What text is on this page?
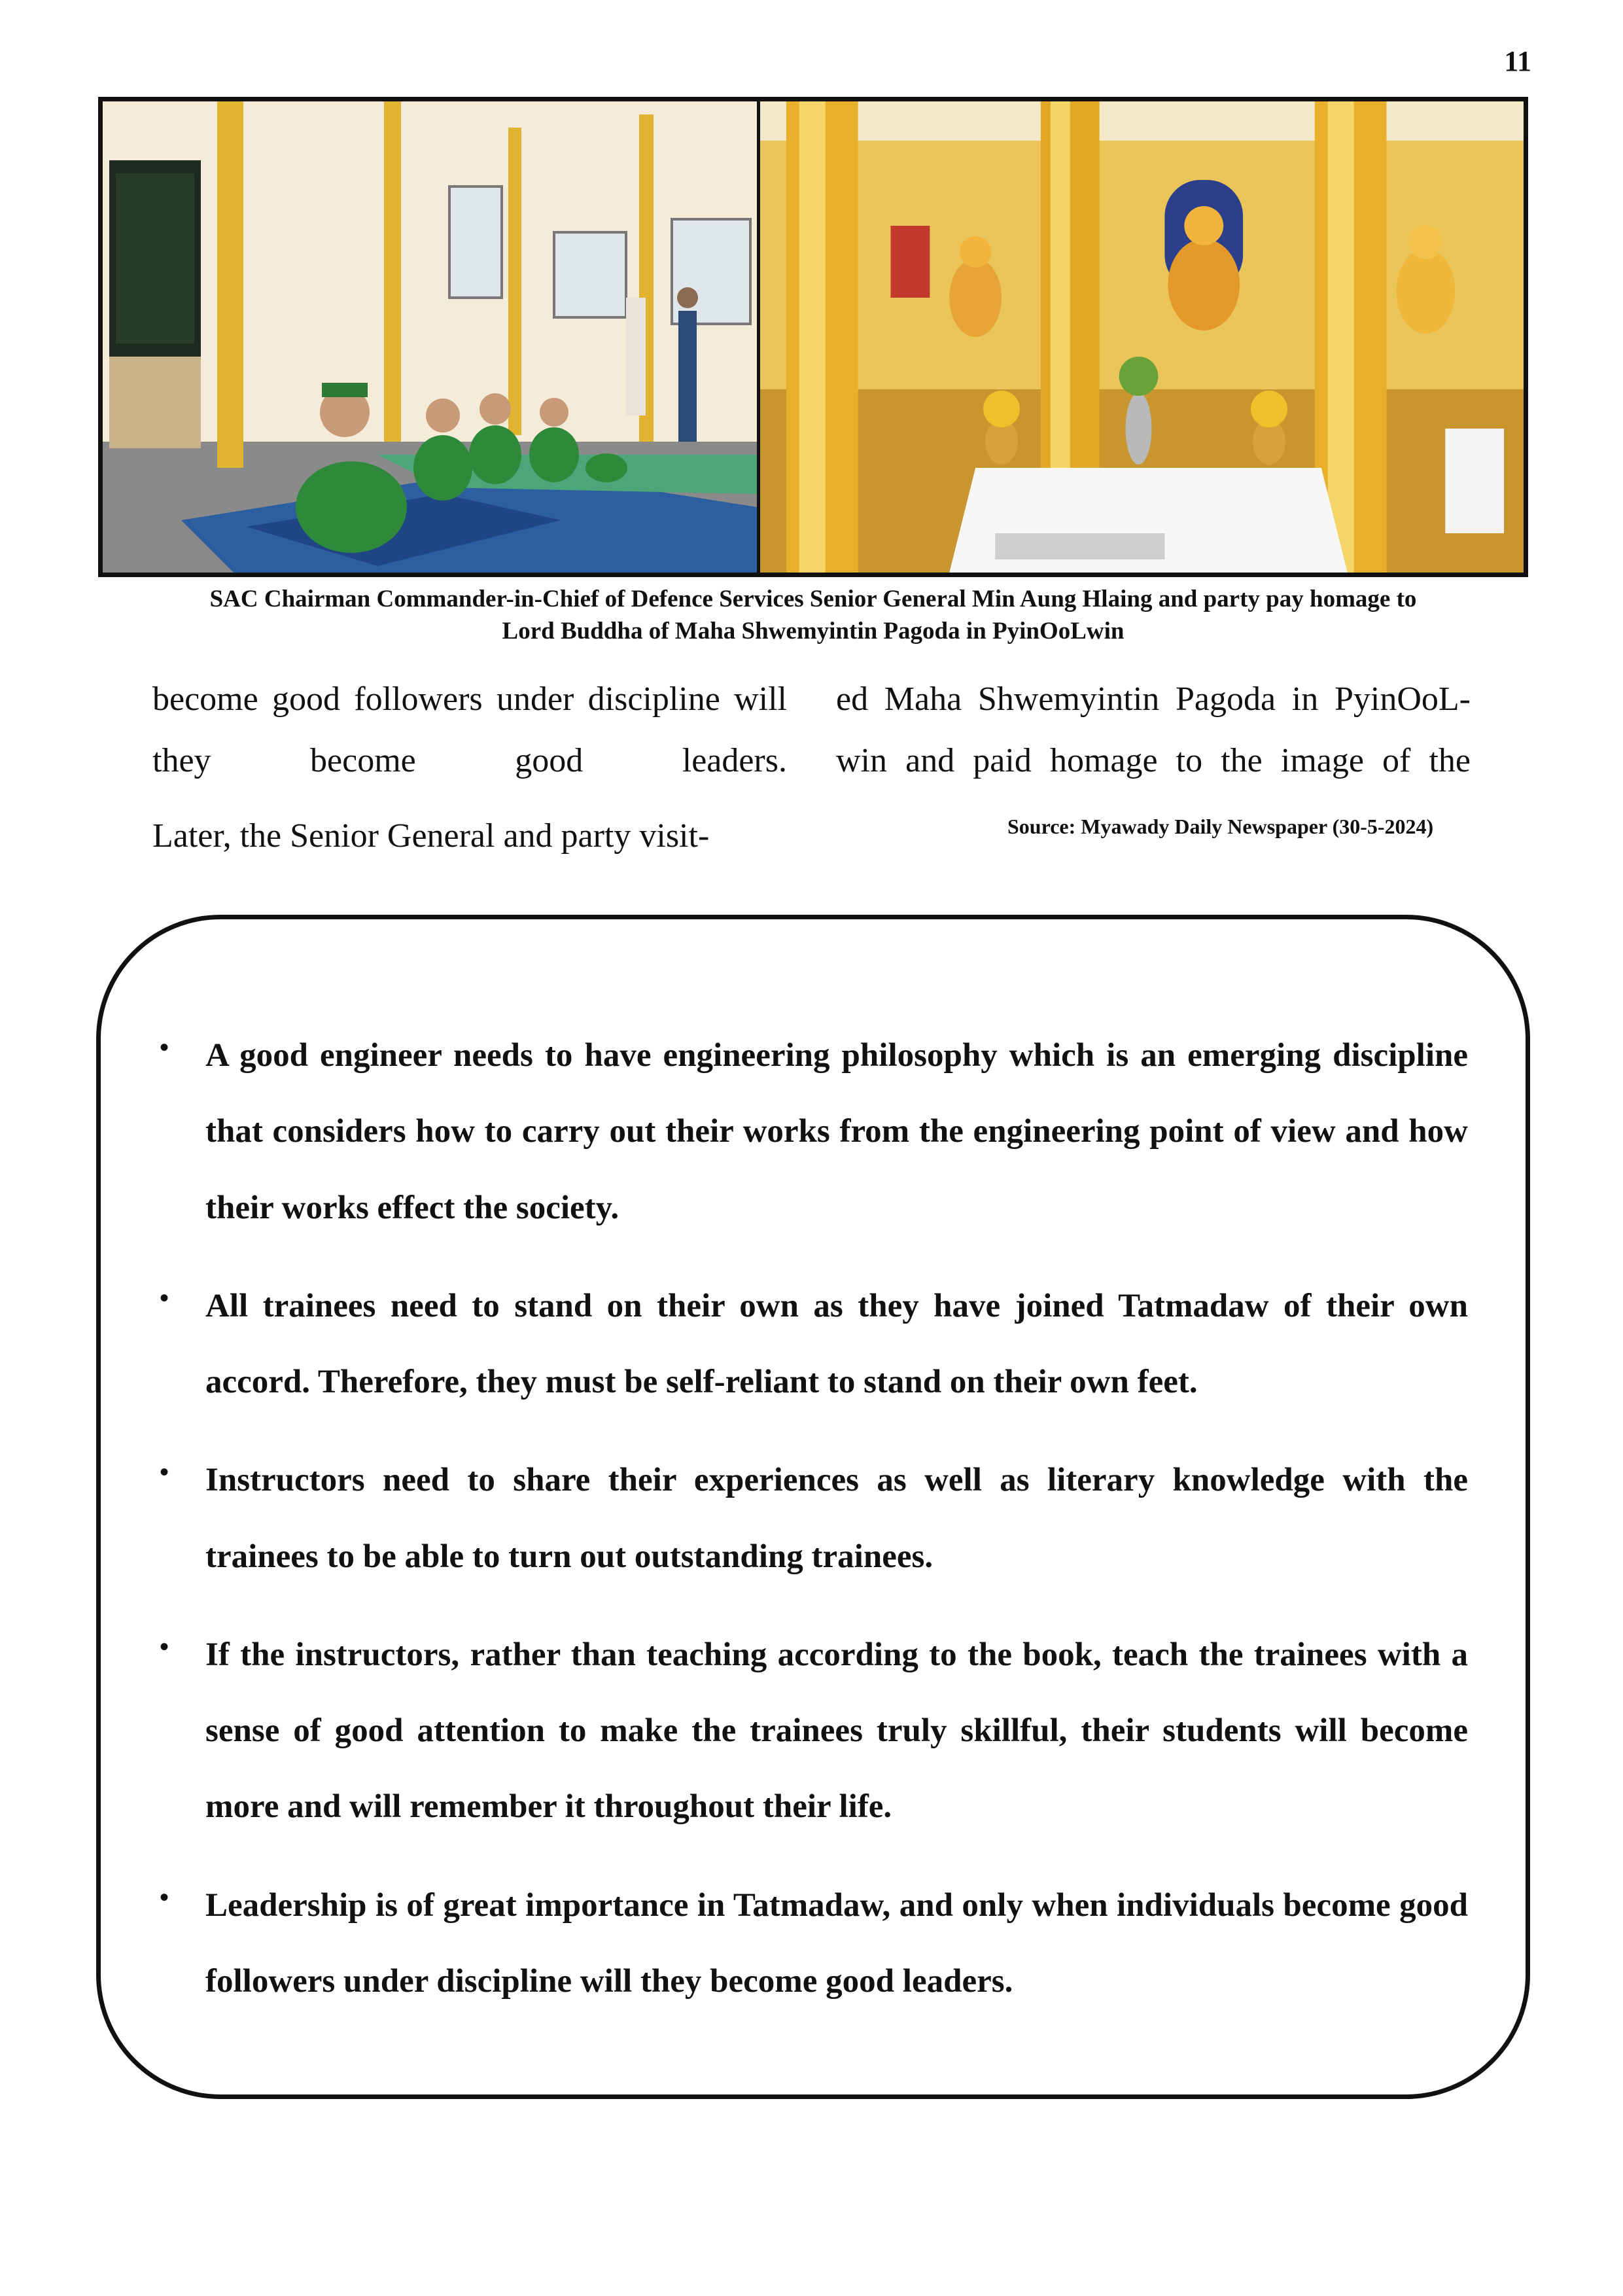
11
SAC Chairman Commander-in-Chief of Defence Services Senior General Min Aung Hlaing and party pay homage to
Lord Buddha of Maha Shwemyintin Pagoda in PyinOoLwin

become good followers under discipline will they become good leaders.

Later, the Senior General and party visit-

ed Maha Shwemyintin Pagoda in PyinOoL- win and paid homage to the image of the

Source: Myawady Daily Newspaper (30-5-2024)
• A good engineer needs to have engineering philosophy which is an emerging discipline that considers how to carry out their works from the engineering point of view and how their works effect the society.
• All trainees need to stand on their own as they have joined Tatmadaw of their own accord. Therefore, they must be self-reliant to stand on their own feet.
• Instructors need to share their experiences as well as literary knowledge with the trainees to be able to turn out outstanding trainees.
• If the instructors, rather than teaching according to the book, teach the trainees with a sense of good attention to make the trainees truly skillful, their students will become more and will remember it throughout their life.
• Leadership is of great importance in Tatmadaw, and only when individuals become good followers under discipline will they become good leaders.
